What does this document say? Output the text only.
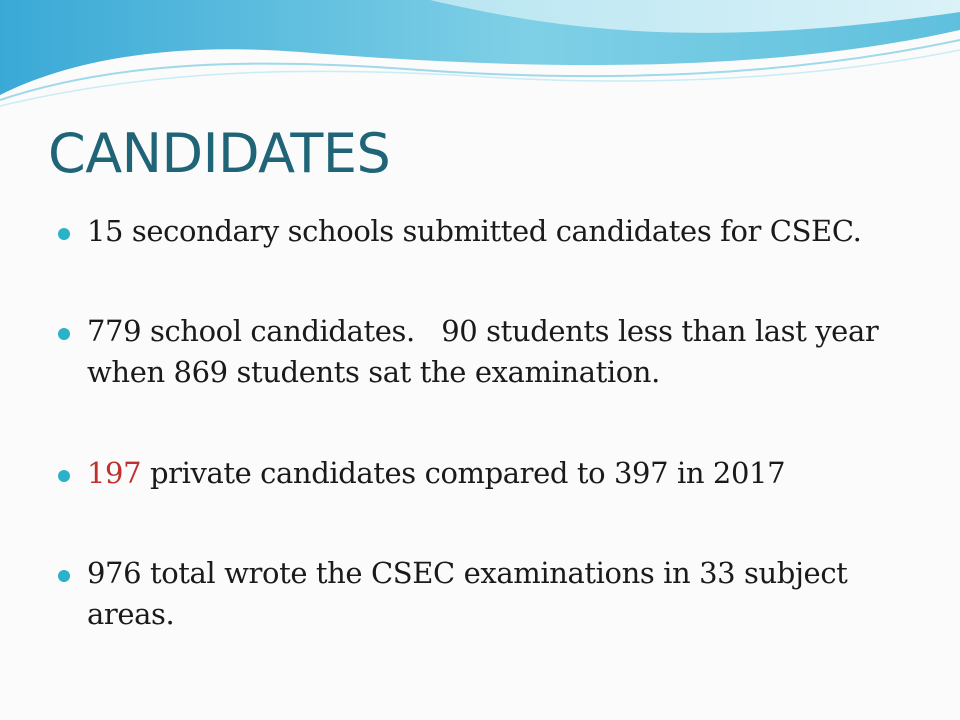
CANDIDATES
15 secondary schools submitted candidates for CSEC.
779 school candidates.   90 students less than last year when 869 students sat the examination.
197 private candidates compared to 397 in 2017
976 total wrote the CSEC examinations in 33 subject areas.
